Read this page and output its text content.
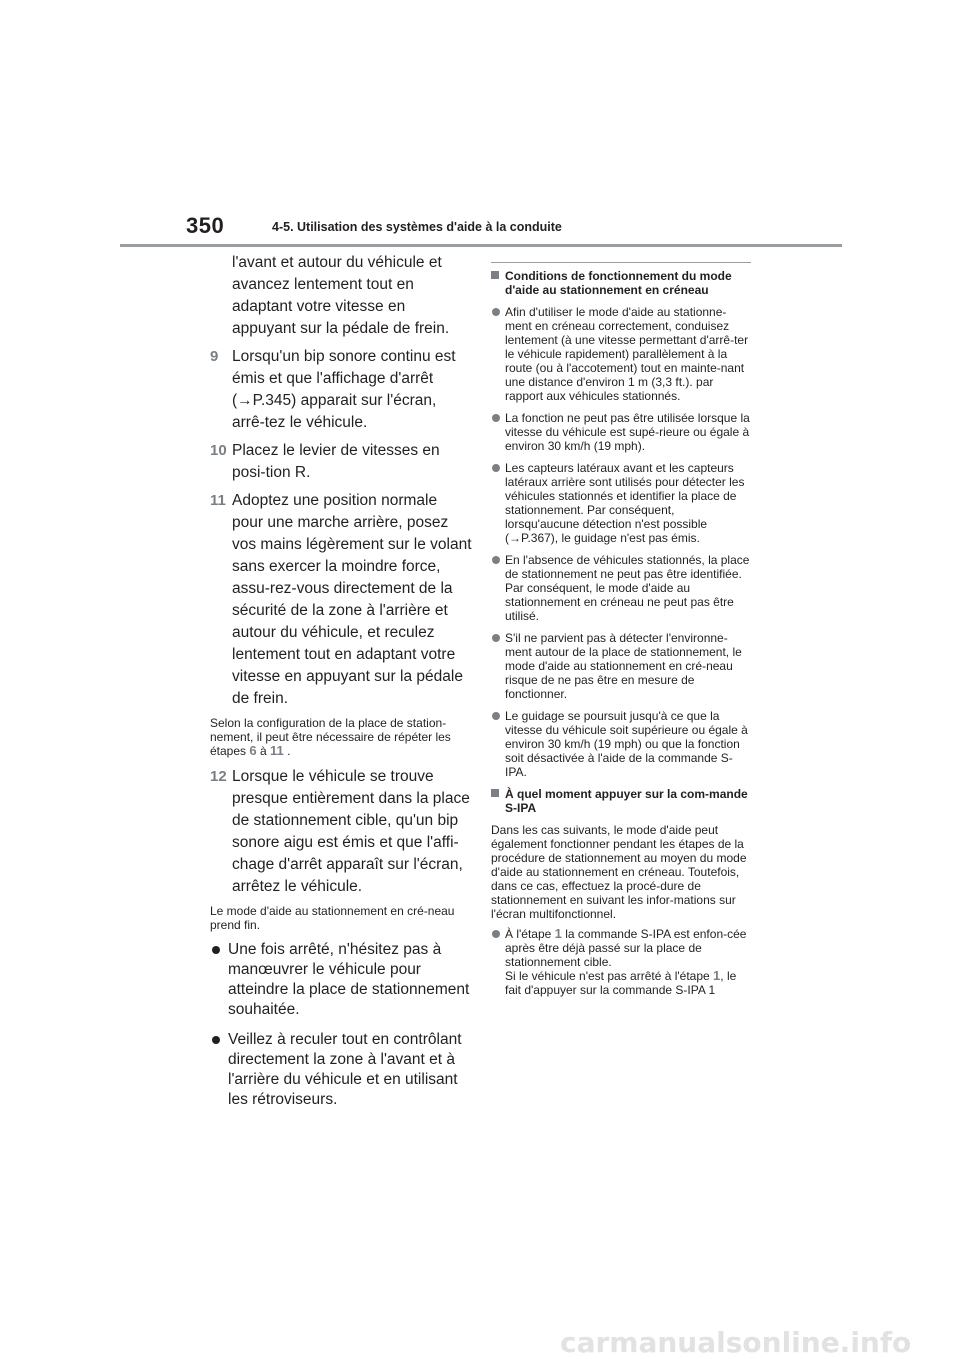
350	4-5. Utilisation des systèmes d'aide à la conduite

l'avant et autour du véhicule et avancez lentement tout en adaptant votre vitesse en appuyant sur la pédale de frein.

9 Lorsqu'un bip sonore continu est émis et que l'affichage d'arrêt (→P.345) apparait sur l'écran, arrê-tez le véhicule.
10 Placez le levier de vitesses en posi-tion R.
11 Adoptez une position normale pour une marche arrière, posez vos mains légèrement sur le volant sans exercer la moindre force, assu-rez-vous directement de la sécurité de la zone à l'arrière et autour du véhicule, et reculez lentement tout en adaptant votre vitesse en appuyant sur la pédale de frein.

Selon la configuration de la place de station-nement, il peut être nécessaire de répéter les étapes 6 à 11 .

12 Lorsque le véhicule se trouve presque entièrement dans la place de stationnement cible, qu'un bip sonore aigu est émis et que l'affi-chage d'arrêt apparaît sur l'écran, arrêtez le véhicule.

Le mode d'aide au stationnement en cré-neau prend fin.

Une fois arrêté, n'hésitez pas à manœuvrer le véhicule pour atteindre la place de stationnement souhaitée.
Veillez à reculer tout en contrôlant directement la zone à l'avant et à l'arrière du véhicule et en utilisant les rétroviseurs.
Conditions de fonctionnement du mode d'aide au stationnement en créneau
Afin d'utiliser le mode d'aide au stationne-ment en créneau correctement, conduisez lentement (à une vitesse permettant d'arrê-ter le véhicule rapidement) parallèlement à la route (ou à l'accotement) tout en mainte-nant une distance d'environ 1 m (3,3 ft.). par rapport aux véhicules stationnés.
La fonction ne peut pas être utilisée lorsque la vitesse du véhicule est supé-rieure ou égale à environ 30 km/h (19 mph).
Les capteurs latéraux avant et les capteurs latéraux arrière sont utilisés pour détecter les véhicules stationnés et identifier la place de stationnement. Par conséquent, lorsqu'aucune détection n'est possible (→P.367), le guidage n'est pas émis.
En l'absence de véhicules stationnés, la place de stationnement ne peut pas être identifiée. Par conséquent, le mode d'aide au stationnement en créneau ne peut pas être utilisé.
S'il ne parvient pas à détecter l'environne-ment autour de la place de stationnement, le mode d'aide au stationnement en cré-neau risque de ne pas être en mesure de fonctionner.
Le guidage se poursuit jusqu'à ce que la vitesse du véhicule soit supérieure ou égale à environ 30 km/h (19 mph) ou que la fonction soit désactivée à l'aide de la commande S-IPA.
À quel moment appuyer sur la com-mande S-IPA

Dans les cas suivants, le mode d'aide peut également fonctionner pendant les étapes de la procédure de stationnement au moyen du mode d'aide au stationnement en créneau. Toutefois, dans ce cas, effectuez la procé-dure de stationnement en suivant les infor-mations sur l'écran multifonctionnel.

À l'étape 1 la commande S-IPA est enfon-cée après être déjà passé sur la place de stationnement cible.
Si le véhicule n'est pas arrêté à l'étape 1, le fait d'appuyer sur la commande S-IPA 1
carmanualsonline.info
